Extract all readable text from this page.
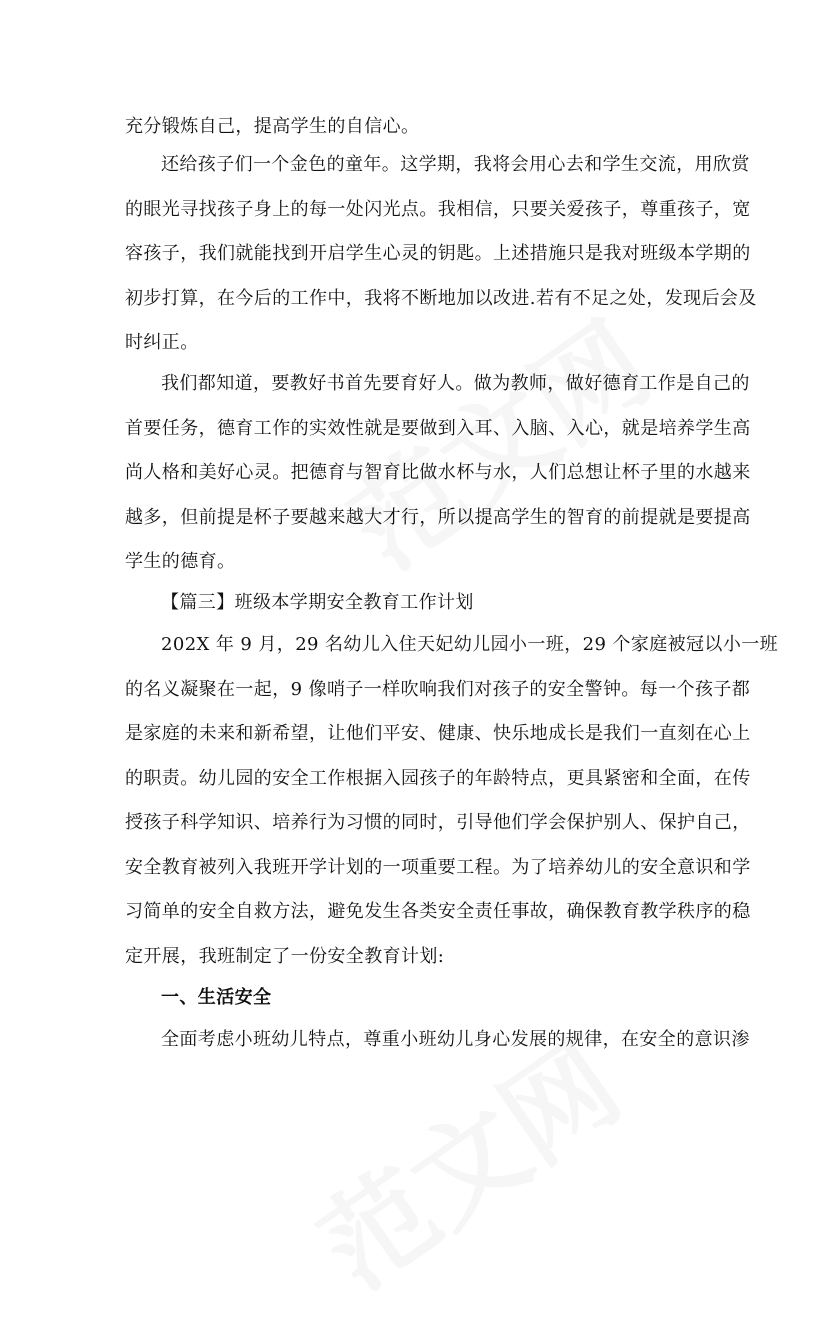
充分锻炼自己，提高学生的自信心。
还给孩子们一个金色的童年。这学期，我将会用心去和学生交流，用欣赏
的眼光寻找孩子身上的每一处闪光点。我相信，只要关爱孩子，尊重孩子，宽
容孩子，我们就能找到开启学生心灵的钥匙。上述措施只是我对班级本学期的
初步打算，在今后的工作中，我将不断地加以改进.若有不足之处，发现后会及
时纠正。
我们都知道，要教好书首先要育好人。做为教师，做好德育工作是自己的
首要任务，德育工作的实效性就是要做到入耳、入脑、入心，就是培养学生高
尚人格和美好心灵。把德育与智育比做水杯与水，人们总想让杯子里的水越来
越多，但前提是杯子要越来越大才行，所以提高学生的智育的前提就是要提高
学生的德育。
【篇三】班级本学期安全教育工作计划
202X 年 9 月，29 名幼儿入住天妃幼儿园小一班，29 个家庭被冠以小一班
的名义凝聚在一起，9 像哨子一样吹响我们对孩子的安全警钟。每一个孩子都
是家庭的未来和新希望，让他们平安、健康、快乐地成长是我们一直刻在心上
的职责。幼儿园的安全工作根据入园孩子的年龄特点，更具紧密和全面，在传
授孩子科学知识、培养行为习惯的同时，引导他们学会保护别人、保护自己，
安全教育被列入我班开学计划的一项重要工程。为了培养幼儿的安全意识和学
习简单的安全自救方法，避免发生各类安全责任事故，确保教育教学秩序的稳
定开展，我班制定了一份安全教育计划:
一、生活安全
全面考虑小班幼儿特点，尊重小班幼儿身心发展的规律，在安全的意识渗
